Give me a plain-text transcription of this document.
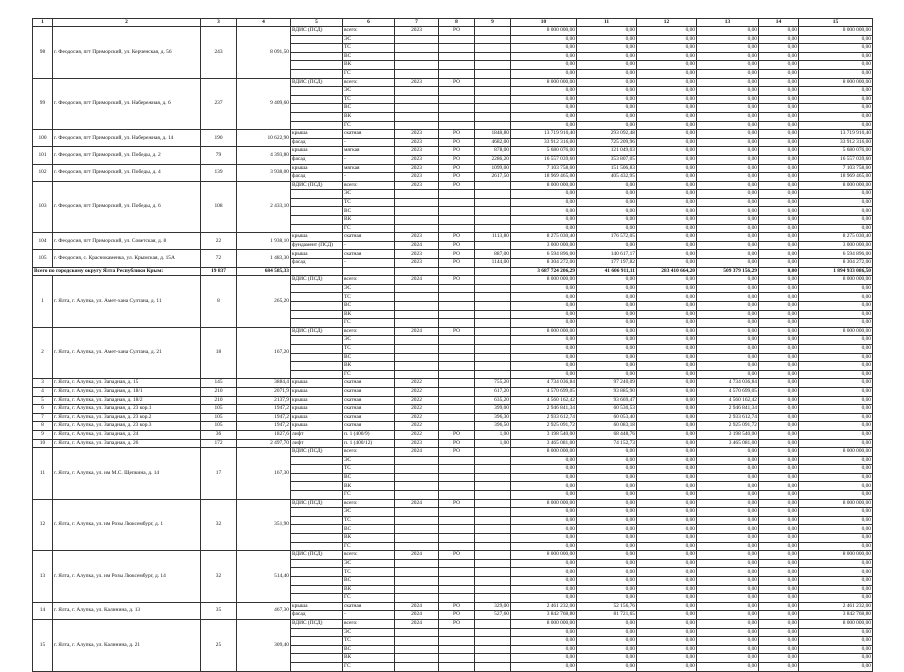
1	2	3	4	5	6	7	8	9	10	11	12	13	14	15
98	г. Феодосия, пгт Приморский, ул. Керченская, д. 56	243	8 091,50	ВДИС (ПСД)	всего:	2023	РО		8 000 000,00	0,00	0,00	0,00	0,00	8 000 000,00
					ЭС				0,00	0,00	0,00	0,00	0,00	0,00
					ТС				0,00	0,00	0,00	0,00	0,00	0,00
					ВС				0,00	0,00	0,00	0,00	0,00	0,00
					ВК				0,00	0,00	0,00	0,00	0,00	0,00
					ГС				0,00	0,00	0,00	0,00	0,00	0,00
99	г. Феодосия, пгт Приморский, ул. Набережная, д. 6	237	9 409,60	ВДИС (ПСД)	всего:	2023	РО		8 000 000,00	0,00	0,00	0,00	0,00	8 000 000,00
					ЭС				0,00	0,00	0,00	0,00	0,00	0,00
					ТС				0,00	0,00	0,00	0,00	0,00	0,00
					ВС				0,00	0,00	0,00	0,00	0,00	0,00
					ВК				0,00	0,00	0,00	0,00	0,00	0,00
					ГС				0,00	0,00	0,00	0,00	0,00	0,00
100	г. Феодосия, пгт Приморский, ул. Набережная, д. 14	190	10 622,90	крыша	скатная	2023	РО	1848,80	13 719 910,40	293 092,48	0,00	0,00	0,00	13 719 910,40
				фасад	-	2023	РО	4682,00	33 912 316,00	725 209,96	0,00	0,00	0,00	33 912 316,00
101	г. Феодосия, пгт Приморский, ул. Победы, д. 2	79	4 393,80	крыша	мягкая	2023	РО	878,00	5 680 076,00	121 049,03	0,00	0,00	0,00	5 680 076,00
				фасад	-	2023	РО	2286,20	16 557 039,60	353 807,05	0,00	0,00	0,00	16 557 039,60
102	г. Феодосия, пгт Приморский, ул. Победы, д. 4	139	3 938,00	крыша	мягкая	2023	РО	1099,00	7 103 758,00	151 506,83	0,00	0,00	0,00	7 103 758,00
				фасад	-	2023	РО	2617,50	18 969 465,00	405 432,95	0,00	0,00	0,00	18 969 465,00
103	г. Феодосия, пгт Приморский, ул. Победы, д. 6	108	2 433,10	ВДИС (ПСД)	всего:	2023	РО		8 000 000,00	0,00	0,00	0,00	0,00	8 000 000,00
					ЭС				0,00	0,00	0,00	0,00	0,00	0,00
					ТС				0,00	0,00	0,00	0,00	0,00	0,00
					ВС				0,00	0,00	0,00	0,00	0,00	0,00
					ВК				0,00	0,00	0,00	0,00	0,00	0,00
					ГС				0,00	0,00	0,00	0,00	0,00	0,00
104	г. Феодосия, пгт Приморский, ул. Советская, д. 8	22	1 938,10	крыша	скатная	2023	РО	1113,80	8 275 030,40	176 572,05	0,00	0,00	0,00	8 275 030,40
				фундамент (ПСД)	-	2024	РО		3 000 000,00	0,00	0,00	0,00	0,00	3 000 000,00
105	г. Феодосия, с. Краснокаменка, ул. Крымская, д. 15А	72	1 483,30	крыша	скатная	2023	РО	887,00	6 594 896,00	140 617,17	0,00	0,00	0,00	6 594 896,00
				фасад	-	2023	РО	1144,00	8 304 272,00	177 197,82	0,00	0,00	0,00	8 304 272,00
Всего по городскому округу Ялта Республики Крым:		19 837	684 585,33						3 687 724 206,29	41 606 911,11	283 410 664,20	509 379 156,29	0,00	1 894 933 086,50
1	г. Ялта, г. Алупка, ул. Амет-хана Султана, д. 11	8	265,20	ВДИС (ПСД)	всего:	2024	РО		8 000 000,00	0,00	0,00	0,00	0,00	8 000 000,00
					ЭС				0,00	0,00	0,00	0,00	0,00	0,00
					ТС				0,00	0,00	0,00	0,00	0,00	0,00
					ВС				0,00	0,00	0,00	0,00	0,00	0,00
					ВК				0,00	0,00	0,00	0,00	0,00	0,00
					ГС				0,00	0,00	0,00	0,00	0,00	0,00
2	г. Ялта, г. Алупка, ул. Амет-хана Султана, д. 21	18	167,20	ВДИС (ПСД)	всего:	2024	РО		8 000 000,00	0,00	0,00	0,00	0,00	8 000 000,00
					ЭС				0,00	0,00	0,00	0,00	0,00	0,00
					ТС				0,00	0,00	0,00	0,00	0,00	0,00
					ВС				0,00	0,00	0,00	0,00	0,00	0,00
					ВК				0,00	0,00	0,00	0,00	0,00	0,00
					ГС				0,00	0,00	0,00	0,00	0,00	0,00
3	г. Ялта, г. Алупка, ул. Западная, д. 15	145	3884,4	крыша	скатная	2022		755,20	4 734 036,84	97 240,09	0,00	4 734 036,84	0,00	0,00
4	г. Ялта, г. Алупка, ул. Западная, д. 18/1	210	2071,9	крыша	скатная	2022		617,20	4 570 699,05	93 885,90	0,00	4 570 699,05	0,00	0,00
5	г. Ялта, г. Алупка, ул. Западная, д. 18/2	210	2137,9	крыша	скатная	2022		635,20	4 560 162,42	93 669,47	0,00	4 560 162,42	0,00	0,00
6	г. Ялта, г. Алупка, ул. Западная, д. 23 кор.1	105	1947,2	крыша	скатная	2022		399,00	2 946 841,34	60 530,53	0,00	2 946 841,34	0,00	0,00
7	г. Ялта, г. Алупка, ул. Западная, д. 23 кор.2	105	1947,2	крыша	скатная	2022		396,30	2 933 612,74	60 053,40	0,00	2 933 612,74	0,00	0,00
8	г. Ялта, г. Алупка, ул. Западная, д. 23 кор.3	105	1947,2	крыша	скатная	2022		396,50	2 925 091,72	60 083,18	0,00	2 925 091,72	0,00	0,00
9	г. Ялта, г. Алупка, ул. Западная, д. 24	36	1827,6	лифт	п. 1 (400/9)	2022	РО	1,00	3 198 540,00	68 448,76	0,00	3 198 540,00	0,00	0,00
10	г. Ялта, г. Алупка, ул. Западная, д. 26	172	2 497,70	лифт	п. 1 (400/12)	2023	РО	1,00	3 465 081,00	74 152,73	0,00	3 465 081,00	0,00	0,00
11	г. Ялта, г. Алупка, ул. им М.С. Щепкина, д. 14	17	167,30	ВДИС (ПСД)	всего:	2024	РО		8 000 000,00	0,00	0,00	0,00	0,00	8 000 000,00
					ЭС				0,00	0,00	0,00	0,00	0,00	0,00
					ТС				0,00	0,00	0,00	0,00	0,00	0,00
					ВС				0,00	0,00	0,00	0,00	0,00	0,00
					ВК				0,00	0,00	0,00	0,00	0,00	0,00
					ГС				0,00	0,00	0,00	0,00	0,00	0,00
12	г. Ялта, г. Алупка, ул. им Розы Люксембург, д. 1	32	351,90	ВДИС (ПСД)	всего:	2024	РО		8 000 000,00	0,00	0,00	0,00	0,00	8 000 000,00
					ЭС				0,00	0,00	0,00	0,00	0,00	0,00
					ТС				0,00	0,00	0,00	0,00	0,00	0,00
					ВС				0,00	0,00	0,00	0,00	0,00	0,00
					ВК				0,00	0,00	0,00	0,00	0,00	0,00
					ГС				0,00	0,00	0,00	0,00	0,00	0,00
13	г. Ялта, г. Алупка, ул. им Розы Люксембург, д. 14	32	514,40	ВДИС (ПСД)	всего:	2024	РО		8 000 000,00	0,00	0,00	0,00	0,00	8 000 000,00
					ЭС				0,00	0,00	0,00	0,00	0,00	0,00
					ТС				0,00	0,00	0,00	0,00	0,00	0,00
					ВС				0,00	0,00	0,00	0,00	0,00	0,00
					ВК				0,00	0,00	0,00	0,00	0,00	0,00
					ГС				0,00	0,00	0,00	0,00	0,00	0,00
14	г. Ялта, г. Алупка, ул. Калинина, д. 13	35	467,30	крыша	скатная	2024	РО	329,00	2 461 232,00	52 156,76	0,00	0,00	0,00	2 461 232,00
				фасад	-	2024	РО	527,60	3 842 768,80	81 721,65	0,00	0,00	0,00	3 842 768,80
15	г. Ялта, г. Алупка, ул. Калинина, д. 21	25	309,40	ВДИС (ПСД)	всего:	2024	РО		8 000 000,00	0,00	0,00	0,00	0,00	8 000 000,00
					ЭС				0,00	0,00	0,00	0,00	0,00	0,00
					ТС				0,00	0,00	0,00	0,00	0,00	0,00
					ВС				0,00	0,00	0,00	0,00	0,00	0,00
					ВК				0,00	0,00	0,00	0,00	0,00	0,00
					ГС				0,00	0,00	0,00	0,00	0,00	0,00
